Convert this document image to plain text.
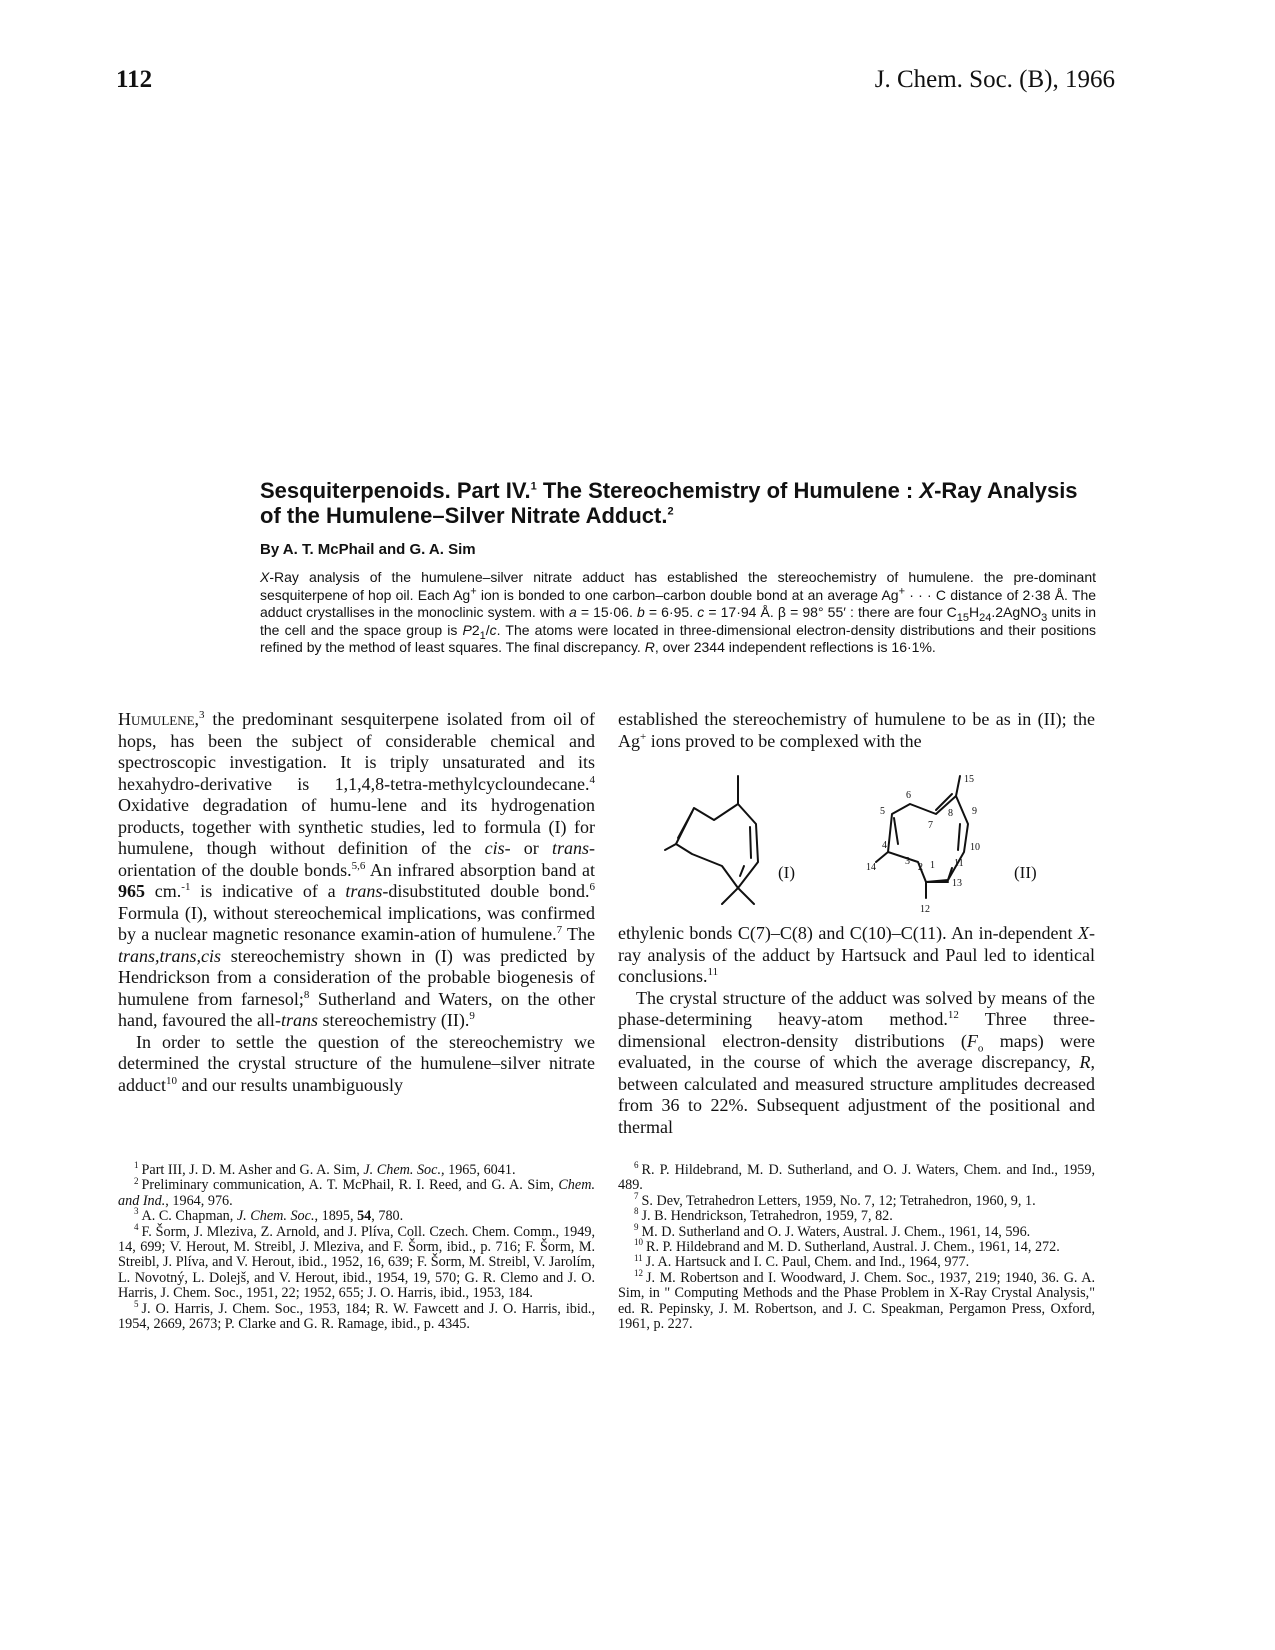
112	J. Chem. Soc. (B), 1966
Sesquiterpenoids. Part IV.$^1$ The Stereochemistry of Humulene : X-Ray Analysis of the Humulene–Silver Nitrate Adduct.$^2$
By A. T. McPhail and G. A. Sim
X-Ray analysis of the humulene–silver nitrate adduct has established the stereochemistry of humulene. the pre-dominant sesquiterpene of hop oil. Each Ag+ ion is bonded to one carbon–carbon double bond at an average Ag+ · · · C distance of 2·38 Å. The adduct crystallises in the monoclinic system. with a = 15·06. b = 6·95. c = 17·94 Å. β = 98° 55′ : there are four $C_{15}H_{24}.2AgNO_3$ units in the cell and the space group is $P2_1/c$. The atoms were located in three-dimensional electron-density distributions and their positions refined by the method of least squares. The final discrepancy. R, over 2344 independent reflections is 16·1%.

Humulene,$^3$ the predominant sesquiterpene isolated from oil of hops, has been the subject of considerable chemical and spectroscopic investigation. It is triply unsaturated and its hexahydro-derivative is 1,1,4,8-tetra-methylcycloundecane.$^4$ Oxidative degradation of humu-lene and its hydrogenation products, together with synthetic studies, led to formula (I) for humulene, though without definition of the cis- or trans-orientation of the double bonds.$^{5,6}$ An infrared absorption band at 965 cm.$^{-1}$ is indicative of a trans-disubstituted double bond.$^6$ Formula (I), without stereochemical implications, was confirmed by a nuclear magnetic resonance examin-ation of humulene.$^7$ The trans,trans,cis stereochemistry shown in (I) was predicted by Hendrickson from a consideration of the probable biogenesis of humulene from farnesol;$^8$ Sutherland and Waters, on the other hand, favoured the all-trans stereochemistry (II).$^9$

In order to settle the question of the stereochemistry we determined the crystal structure of the humulene–silver nitrate adduct$^{10}$ and our results unambiguously

established the stereochemistry of humulene to be as in (II); the Ag+ ions proved to be complexed with the

(I)	(II)
1
2
3
4
5
6
7
8 9
10
11
12
13
14
15

ethylenic bonds C(7)–C(8) and C(10)–C(11). An in-dependent X-ray analysis of the adduct by Hartsuck and Paul led to identical conclusions.$^{11}$

The crystal structure of the adduct was solved by means of the phase-determining heavy-atom method.$^{12}$ Three three-dimensional electron-density distributions ($F_o$ maps) were evaluated, in the course of which the average discrepancy, R, between calculated and measured structure amplitudes decreased from 36 to 22%. Subsequent adjustment of the positional and thermal

$^1$ Part III, J. D. M. Asher and G. A. Sim, J. Chem. Soc., 1965, 6041.

$^2$ Preliminary communication, A. T. McPhail, R. I. Reed, and G. A. Sim, Chem. and Ind., 1964, 976.

$^3$ A. C. Chapman, J. Chem. Soc., 1895, 54, 780.

$^4$ F. Šorm, J. Mleziva, Z. Arnold, and J. Plíva, Coll. Czech. Chem. Comm., 1949, 14, 699; V. Herout, M. Streibl, J. Mleziva, and F. Šorm, ibid., p. 716; F. Šorm, M. Streibl, J. Plíva, and V. Herout, ibid., 1952, 16, 639; F. Šorm, M. Streibl, V. Jarolím, L. Novotný, L. Dolejš, and V. Herout, ibid., 1954, 19, 570; G. R. Clemo and J. O. Harris, J. Chem. Soc., 1951, 22; 1952, 655; J. O. Harris, ibid., 1953, 184.

$^5$ J. O. Harris, J. Chem. Soc., 1953, 184; R. W. Fawcett and J. O. Harris, ibid., 1954, 2669, 2673; P. Clarke and G. R. Ramage, ibid., p. 4345.

$^6$ R. P. Hildebrand, M. D. Sutherland, and O. J. Waters, Chem. and Ind., 1959, 489.

$^7$ S. Dev, Tetrahedron Letters, 1959, No. 7, 12; Tetrahedron, 1960, 9, 1.

$^8$ J. B. Hendrickson, Tetrahedron, 1959, 7, 82.

$^9$ M. D. Sutherland and O. J. Waters, Austral. J. Chem., 1961, 14, 596.

$^{10}$ R. P. Hildebrand and M. D. Sutherland, Austral. J. Chem., 1961, 14, 272.

$^{11}$ J. A. Hartsuck and I. C. Paul, Chem. and Ind., 1964, 977.

$^{12}$ J. M. Robertson and I. Woodward, J. Chem. Soc., 1937, 219; 1940, 36. G. A. Sim, in " Computing Methods and the Phase Problem in X-Ray Crystal Analysis," ed. R. Pepinsky, J. M. Robertson, and J. C. Speakman, Pergamon Press, Oxford, 1961, p. 227.
